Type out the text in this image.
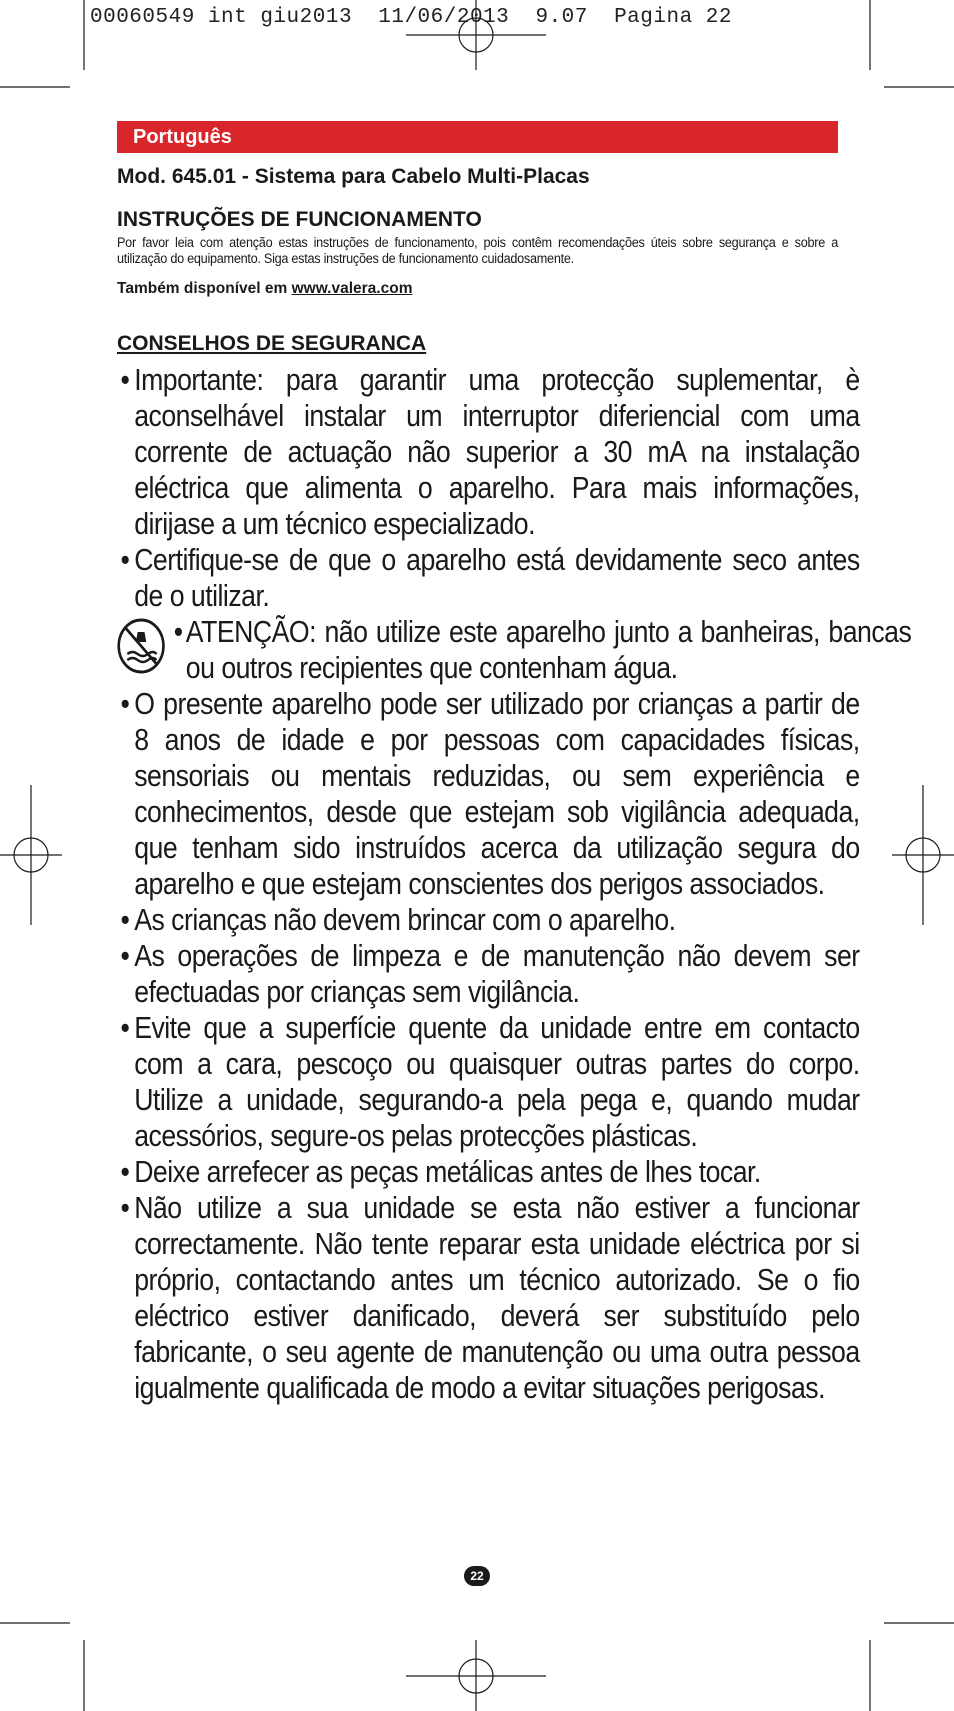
00060549 int giu2013  11/06/2013  9.07  Pagina 22
Português
Mod. 645.01 - Sistema para Cabelo Multi-Placas
INSTRUÇÕES DE FUNCIONAMENTO
Por favor leia com atenção estas instruções de funcionamento, pois contêm recomendações úteis sobre segurança e sobre a utilização do equipamento. Siga estas instruções de funcionamento cuidadosamente.
Também disponível em www.valera.com
CONSELHOS DE SEGURANCA
• Importante: para garantir uma protecção suplementar, è aconselhável instalar um interruptor diferiencial com uma corrente de actuação não superior a 30 mA na instalação eléctrica que alimenta o aparelho. Para mais informações, dirijase a um técnico especializado.
• Certifique-se de que o aparelho está devidamente seco antes de o utilizar.
• ATENÇÃO: não utilize este aparelho junto a banheiras, bancas ou outros recipientes que contenham água.
• O presente aparelho pode ser utilizado por crianças a partir de 8 anos de idade e por pessoas com capacidades físicas, sensoriais ou mentais reduzidas, ou sem experiência e conhecimentos, desde que estejam sob vigilância adequada, que tenham sido instruídos acerca da utilização segura do aparelho e que estejam conscientes dos perigos associados.
• As crianças não devem brincar com o aparelho.
• As operações de limpeza e de manutenção não devem ser efectuadas por crianças sem vigilância.
• Evite que a superfície quente da unidade entre em contacto com a cara, pescoço ou quaisquer outras partes do corpo. Utilize a unidade, segurando-a pela pega e, quando mudar acessórios, segure-os pelas protecções plásticas.
• Deixe arrefecer as peças metálicas antes de lhes tocar.
• Não utilize a sua unidade se esta não estiver a funcionar correctamente. Não tente reparar esta unidade eléctrica por si próprio, contactando antes um técnico autorizado. Se o fio eléctrico estiver danificado, deverá ser substituído pelo fabricante, o seu agente de manutenção ou uma outra pessoa igualmente qualificada de modo a evitar situações perigosas.
22
